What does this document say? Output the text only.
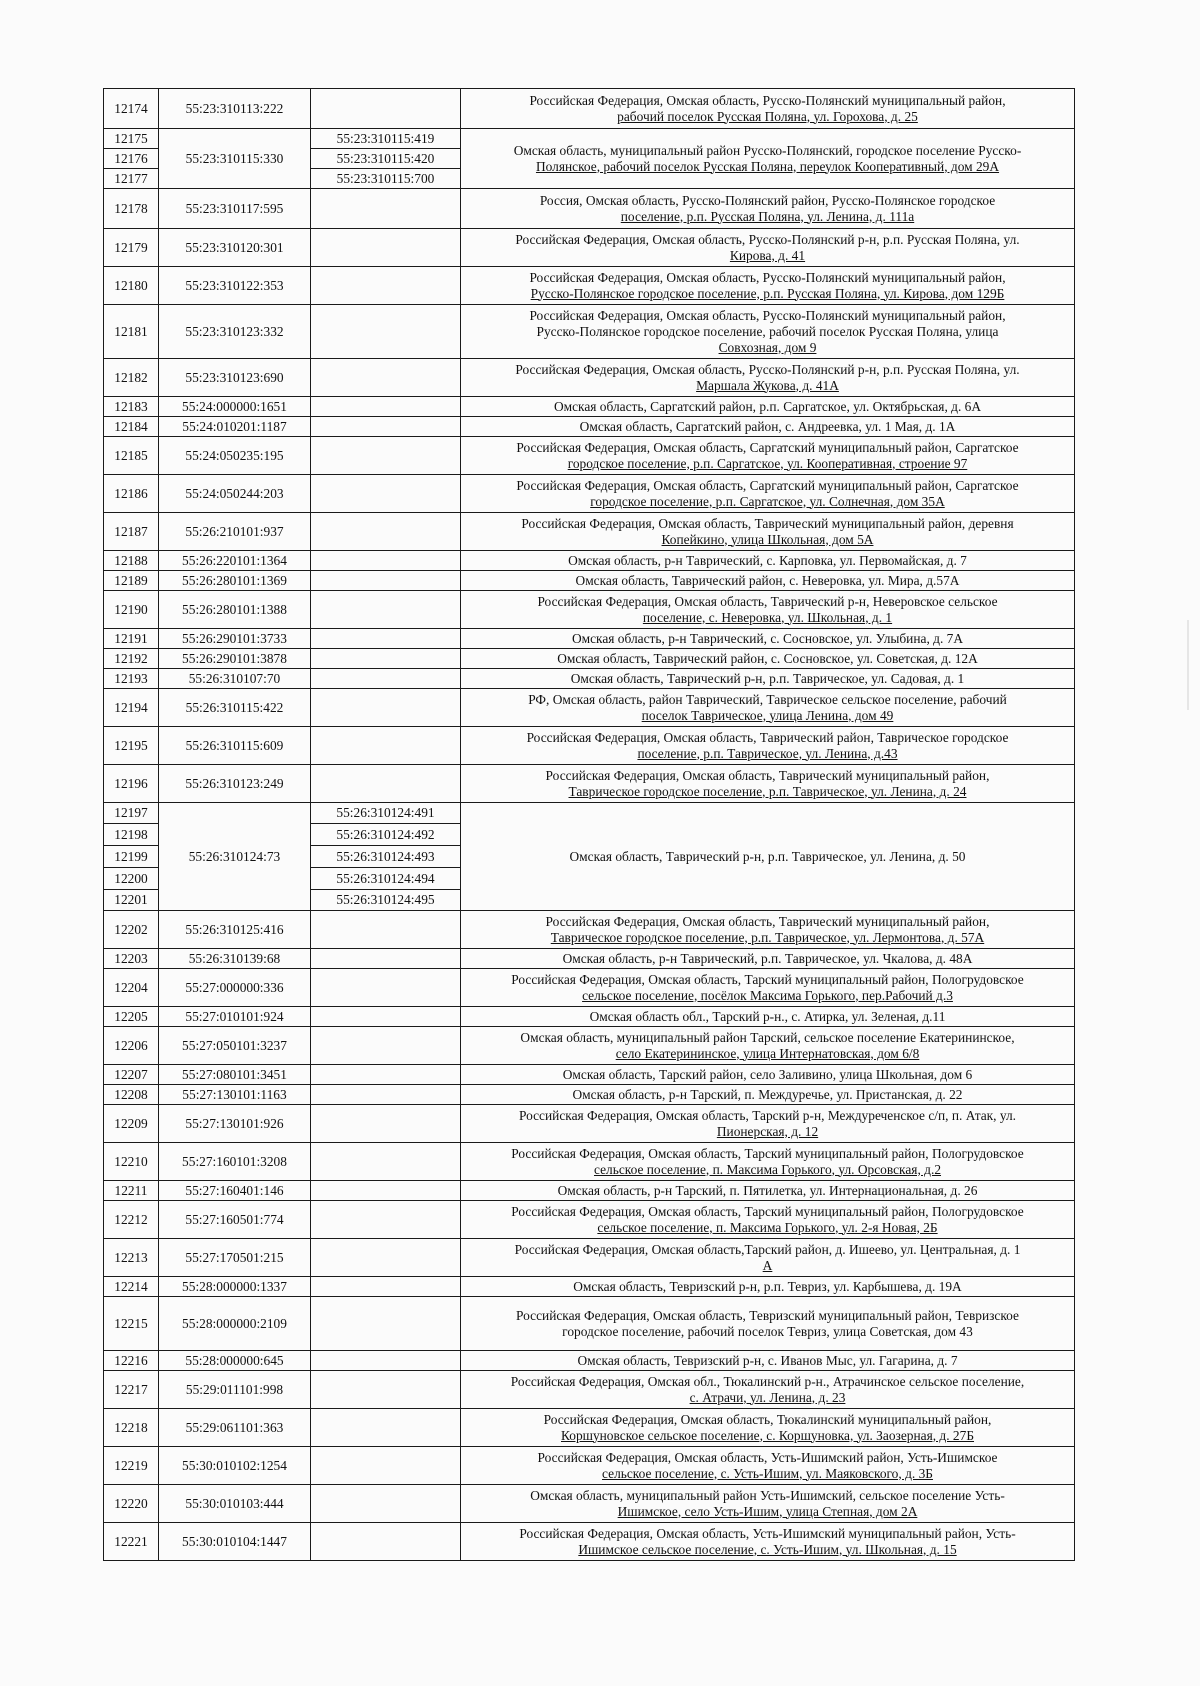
12174	55:23:310113:222		Российская Федерация, Омская область, Русско-Полянский муниципальный район,
рабочий поселок Русская Поляна, ул. Горохова, д. 25

12175	55:23:310115:330	55:23:310115:419	Омская область, муниципальный район Русско-Полянский, городское поселение Русско-
Полянское, рабочий поселок Русская Поляна, переулок Кооперативный, дом 29А

12176		55:23:310115:420	
12177		55:23:310115:700	
12178	55:23:310117:595		Россия, Омская область, Русско-Полянский район, Русско-Полянское городское
поселение, р.п. Русская Поляна, ул. Ленина, д. 111а

12179	55:23:310120:301		Российская Федерация, Омская область, Русско-Полянский р-н, р.п. Русская Поляна, ул.
Кирова, д. 41

12180	55:23:310122:353		Российская Федерация, Омская область, Русско-Полянский муниципальный район,
Русско-Полянское городское поселение, р.п. Русская Поляна, ул. Кирова, дом 129Б

12181	55:23:310123:332		Российская Федерация, Омская область, Русско-Полянский муниципальный район,
Русско-Полянское городское поселение, рабочий поселок Русская Поляна, улица
Совхозная, дом 9

12182	55:23:310123:690		Российская Федерация, Омская область, Русско-Полянский р-н, р.п. Русская Поляна, ул.
Маршала Жукова, д. 41А

12183	55:24:000000:1651		Омская область, Саргатский район, р.п. Саргатское, ул. Октябрьская, д. 6А

12184	55:24:010201:1187		Омская область, Саргатский район, с. Андреевка, ул. 1 Мая, д. 1А

12185	55:24:050235:195		Российская Федерация, Омская область, Саргатский муниципальный район, Саргатское
городское поселение, р.п. Саргатское, ул. Кооперативная, строение 97

12186	55:24:050244:203		Российская Федерация, Омская область, Саргатский муниципальный район, Саргатское
городское поселение, р.п. Саргатское, ул. Солнечная, дом 35А

12187	55:26:210101:937		Российская Федерация, Омская область, Таврический муниципальный район, деревня
Копейкино, улица Школьная, дом 5А

12188	55:26:220101:1364		Омская область, р-н Таврический, с. Карповка, ул. Первомайская, д. 7

12189	55:26:280101:1369		Омская область, Таврический район, с. Неверовка, ул. Мира, д.57А

12190	55:26:280101:1388		Российская Федерация, Омская область, Таврический р-н, Неверовское сельское
поселение, с. Неверовка, ул. Школьная, д. 1

12191	55:26:290101:3733		Омская область, р-н Таврический, с. Сосновское, ул. Улыбина, д. 7А

12192	55:26:290101:3878		Омская область, Таврический район, с. Сосновское, ул. Советская, д. 12А

12193	55:26:310107:70		Омская область, Таврический р-н, р.п. Таврическое, ул. Садовая, д. 1

12194	55:26:310115:422		РФ, Омская область, район Таврический, Таврическое сельское поселение, рабочий
поселок Таврическое, улица Ленина, дом 49

12195	55:26:310115:609		Российская Федерация, Омская область, Таврический район, Таврическое городское
поселение, р.п. Таврическое, ул. Ленина, д.43

12196	55:26:310123:249		Российская Федерация, Омская область, Таврический муниципальный район,
Таврическое городское поселение, р.п. Таврическое, ул. Ленина, д. 24

12197	55:26:310124:73	55:26:310124:491	Омская область, Таврический р-н, р.п. Таврическое, ул. Ленина, д. 50

12198		55:26:310124:492	
12199		55:26:310124:493	
12200		55:26:310124:494	
12201		55:26:310124:495	
12202	55:26:310125:416		Российская Федерация, Омская область, Таврический муниципальный район,
Таврическое городское поселение, р.п. Таврическое, ул. Лермонтова, д. 57А

12203	55:26:310139:68		Омская область, р-н Таврический, р.п. Таврическое, ул. Чкалова, д. 48А

12204	55:27:000000:336		Российская Федерация, Омская область, Тарский муниципальный район, Пологрудовское
сельское поселение, посёлок Максима Горького, пер.Рабочий д.3

12205	55:27:010101:924		Омская область обл., Тарский р-н., с. Атирка, ул. Зеленая, д.11

12206	55:27:050101:3237		Омская область, муниципальный район Тарский, сельское поселение Екатерининское,
село Екатерининское, улица Интернатовская, дом 6/8

12207	55:27:080101:3451		Омская область, Тарский район, село Заливино, улица Школьная, дом 6

12208	55:27:130101:1163		Омская область, р-н Тарский, п. Междуречье, ул. Пристанская, д. 22

12209	55:27:130101:926		Российская Федерация, Омская область, Тарский р-н, Междуреченское с/п, п. Атак, ул.
Пионерская, д. 12

12210	55:27:160101:3208		Российская Федерация, Омская область, Тарский муниципальный район, Пологрудовское
сельское поселение, п. Максима Горького, ул. Орсовская, д.2

12211	55:27:160401:146		Омская область, р-н Тарский, п. Пятилетка, ул. Интернациональная, д. 26

12212	55:27:160501:774		Российская Федерация, Омская область, Тарский муниципальный район, Пологрудовское
сельское поселение, п. Максима Горького, ул. 2-я Новая, 2Б

12213	55:27:170501:215		Российская Федерация, Омская область,Тарский район, д. Ишеево, ул. Центральная, д. 1
А

12214	55:28:000000:1337		Омская область, Тевризский р-н, р.п. Тевриз, ул. Карбышева, д. 19А

12215	55:28:000000:2109		Российская Федерация, Омская область, Тевризский муниципальный район, Тевризское
городское поселение, рабочий поселок Тевриз, улица Советская, дом 43

12216	55:28:000000:645		Омская область, Тевризский р-н, с. Иванов Мыс, ул. Гагарина, д. 7

12217	55:29:011101:998		Российская Федерация, Омская обл., Тюкалинский р-н., Атрачинское сельское поселение,
с. Атрачи, ул. Ленина, д. 23

12218	55:29:061101:363		Российская Федерация, Омская область, Тюкалинский муниципальный район,
Коршуновское сельское поселение, с. Коршуновка, ул. Заозерная, д. 27Б

12219	55:30:010102:1254		Российская Федерация, Омская область, Усть-Ишимский район, Усть-Ишимское
сельское поселение, с. Усть-Ишим, ул. Маяковского, д. 3Б

12220	55:30:010103:444		Омская область, муниципальный район Усть-Ишимский, сельское поселение Усть-
Ишимское, село Усть-Ишим, улица Степная, дом 2А

12221	55:30:010104:1447		Российская Федерация, Омская область, Усть-Ишимский муниципальный район, Усть-
Ишимское сельское поселение, с. Усть-Ишим, ул. Школьная, д. 15
